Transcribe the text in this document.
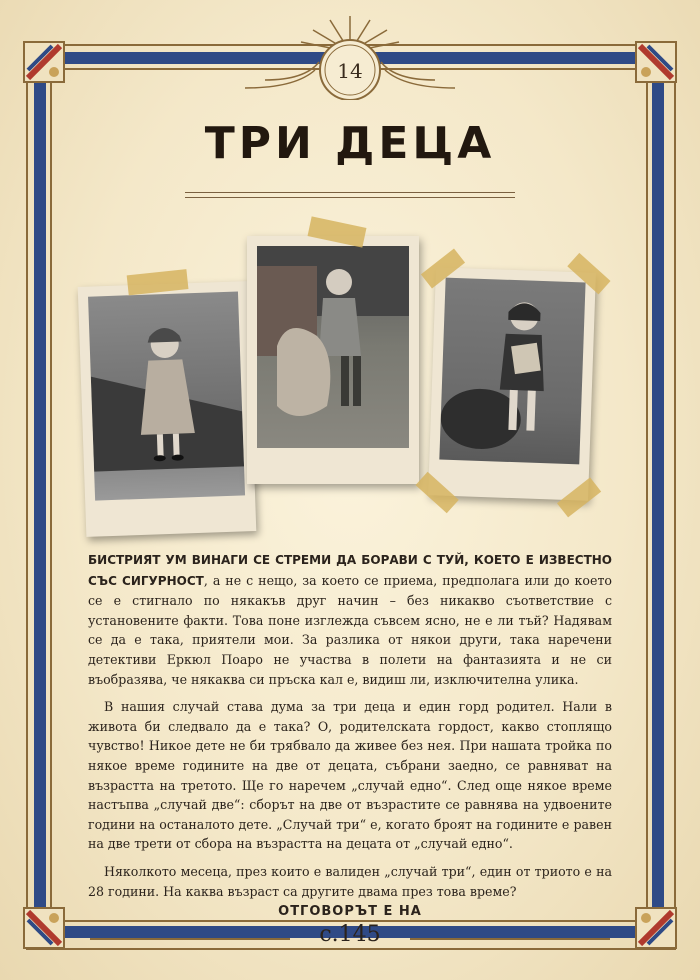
14
ТРИ ДЕЦА

БИСТРИЯТ УМ ВИНАГИ СЕ СТРЕМИ ДА БОРАВИ С ТУЙ, КОЕТО Е ИЗВЕСТНО СЪС СИГУРНОСТ, а не с нещо, за което се приема, предполага или до което се е стигнало по някакъв друг начин – без никакво съответствие с установените факти. Това поне изглежда съвсем ясно, не е ли тъй? Надявам се да е така, приятели мои. За разлика от някои други, така наречени детективи Еркюл Поаро не участва в полети на фантазията и не си въобразява, че някаква си пръска кал е, видиш ли, изключителна улика.

В нашия случай става дума за три деца и един горд родител. Нали в живота би следвало да е така? О, родителската гордост, какво стоплящо чувство! Никое дете не би трябвало да живее без нея. При нашата тройка по някое време годините на две от децата, събрани заедно, се равняват на възрастта на третото. Ще го наречем „случай едно“. След още някое време настъпва „случай две“: сборът на две от възрастите се равнява на удвоените години на останалото дете. „Случай три“ е, когато броят на годините е равен на две трети от сбора на възрастта на децата от „случай едно“.

Няколкото месеца, през които е валиден „случай три“, един от триото е на 28 години. На каква възраст са другите двама през това време?

ОТГОВОРЪТ Е НА
с.145
